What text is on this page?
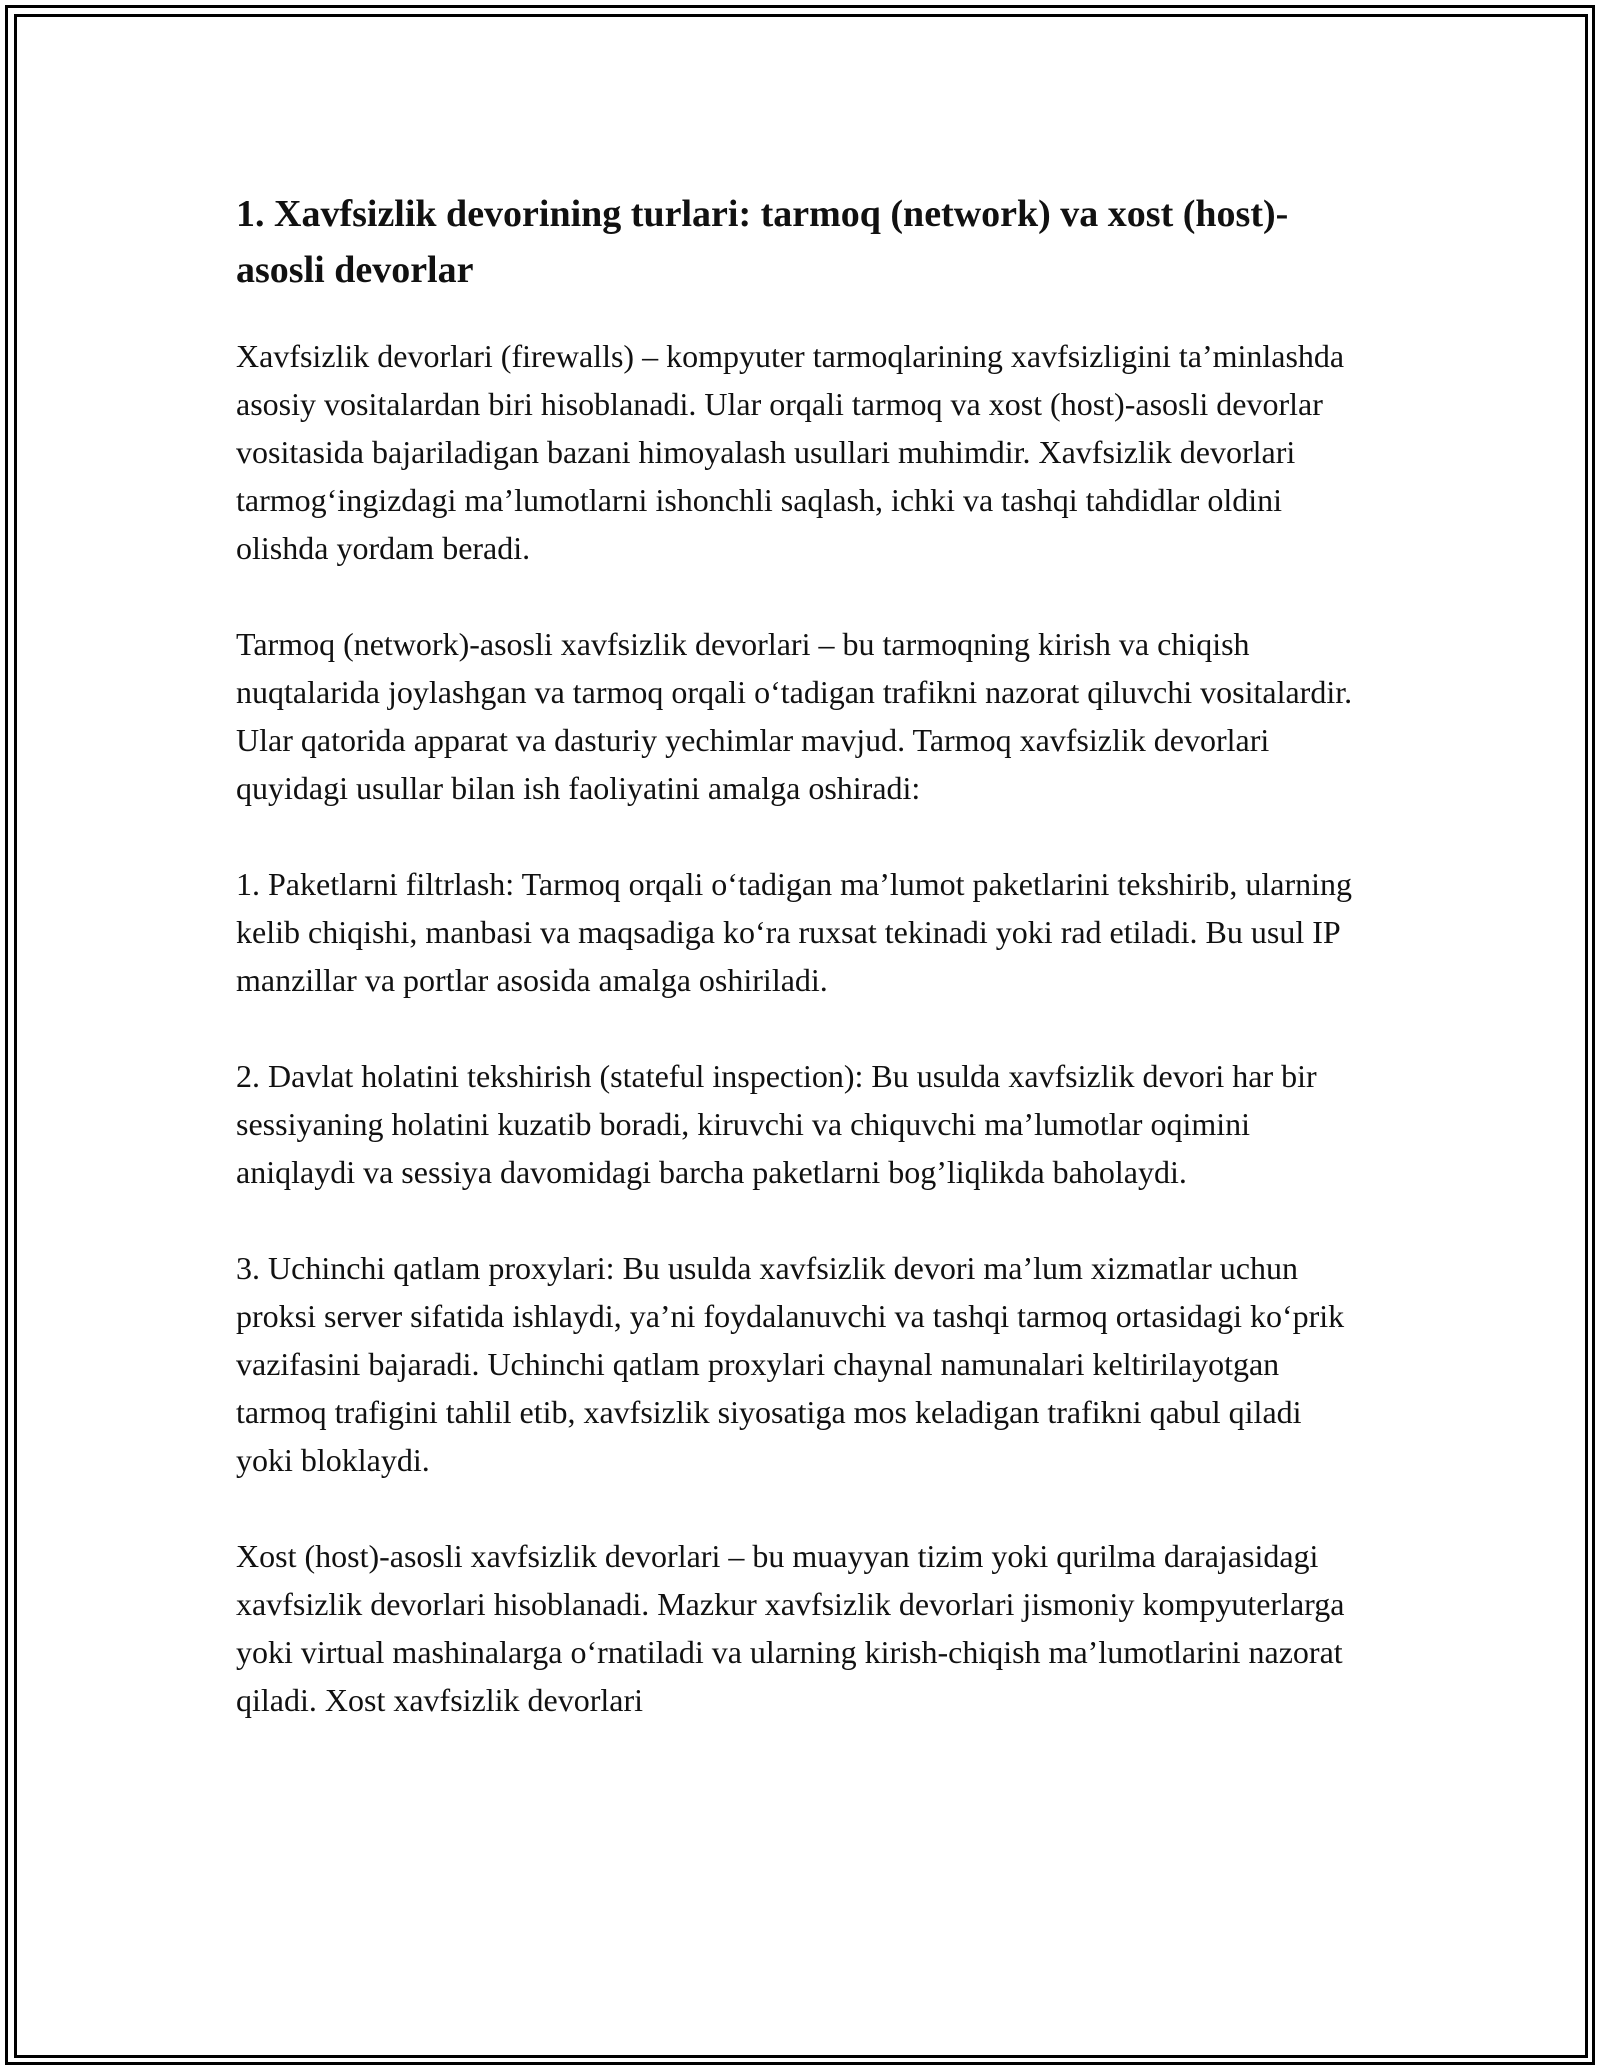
1. Xavfsizlik devorining turlari: tarmoq (network) va xost (host)-asosli devorlar

Xavfsizlik devorlari (firewalls) – kompyuter tarmoqlarining xavfsizligini ta’minlashda asosiy vositalardan biri hisoblanadi. Ular orqali tarmoq va xost (host)-asosli devorlar vositasida bajariladigan bazani himoyalash usullari muhimdir. Xavfsizlik devorlari tarmog‘ingizdagi ma’lumotlarni ishonchli saqlash, ichki va tashqi tahdidlar oldini olishda yordam beradi.

Tarmoq (network)-asosli xavfsizlik devorlari – bu tarmoqning kirish va chiqish nuqtalarida joylashgan va tarmoq orqali o‘tadigan trafikni nazorat qiluvchi vositalardir. Ular qatorida apparat va dasturiy yechimlar mavjud. Tarmoq xavfsizlik devorlari quyidagi usullar bilan ish faoliyatini amalga oshiradi:

1. Paketlarni filtrlash: Tarmoq orqali o‘tadigan ma’lumot paketlarini tekshirib, ularning kelib chiqishi, manbasi va maqsadiga ko‘ra ruxsat tekinadi yoki rad etiladi. Bu usul IP manzillar va portlar asosida amalga oshiriladi.

2. Davlat holatini tekshirish (stateful inspection): Bu usulda xavfsizlik devori har bir sessiyaning holatini kuzatib boradi, kiruvchi va chiquvchi ma’lumotlar oqimini aniqlaydi va sessiya davomidagi barcha paketlarni bog’liqlikda baholaydi.

3. Uchinchi qatlam proxylari: Bu usulda xavfsizlik devori ma’lum xizmatlar uchun proksi server sifatida ishlaydi, ya’ni foydalanuvchi va tashqi tarmoq ortasidagi ko‘prik vazifasini bajaradi. Uchinchi qatlam proxylari chaynal namunalari keltirilayotgan tarmoq trafigini tahlil etib, xavfsizlik siyosatiga mos keladigan trafikni qabul qiladi yoki bloklaydi.

Xost (host)-asosli xavfsizlik devorlari – bu muayyan tizim yoki qurilma darajasidagi xavfsizlik devorlari hisoblanadi. Mazkur xavfsizlik devorlari jismoniy kompyuterlarga yoki virtual mashinalarga o‘rnatiladi va ularning kirish-chiqish ma’lumotlarini nazorat qiladi. Xost xavfsizlik devorlari
